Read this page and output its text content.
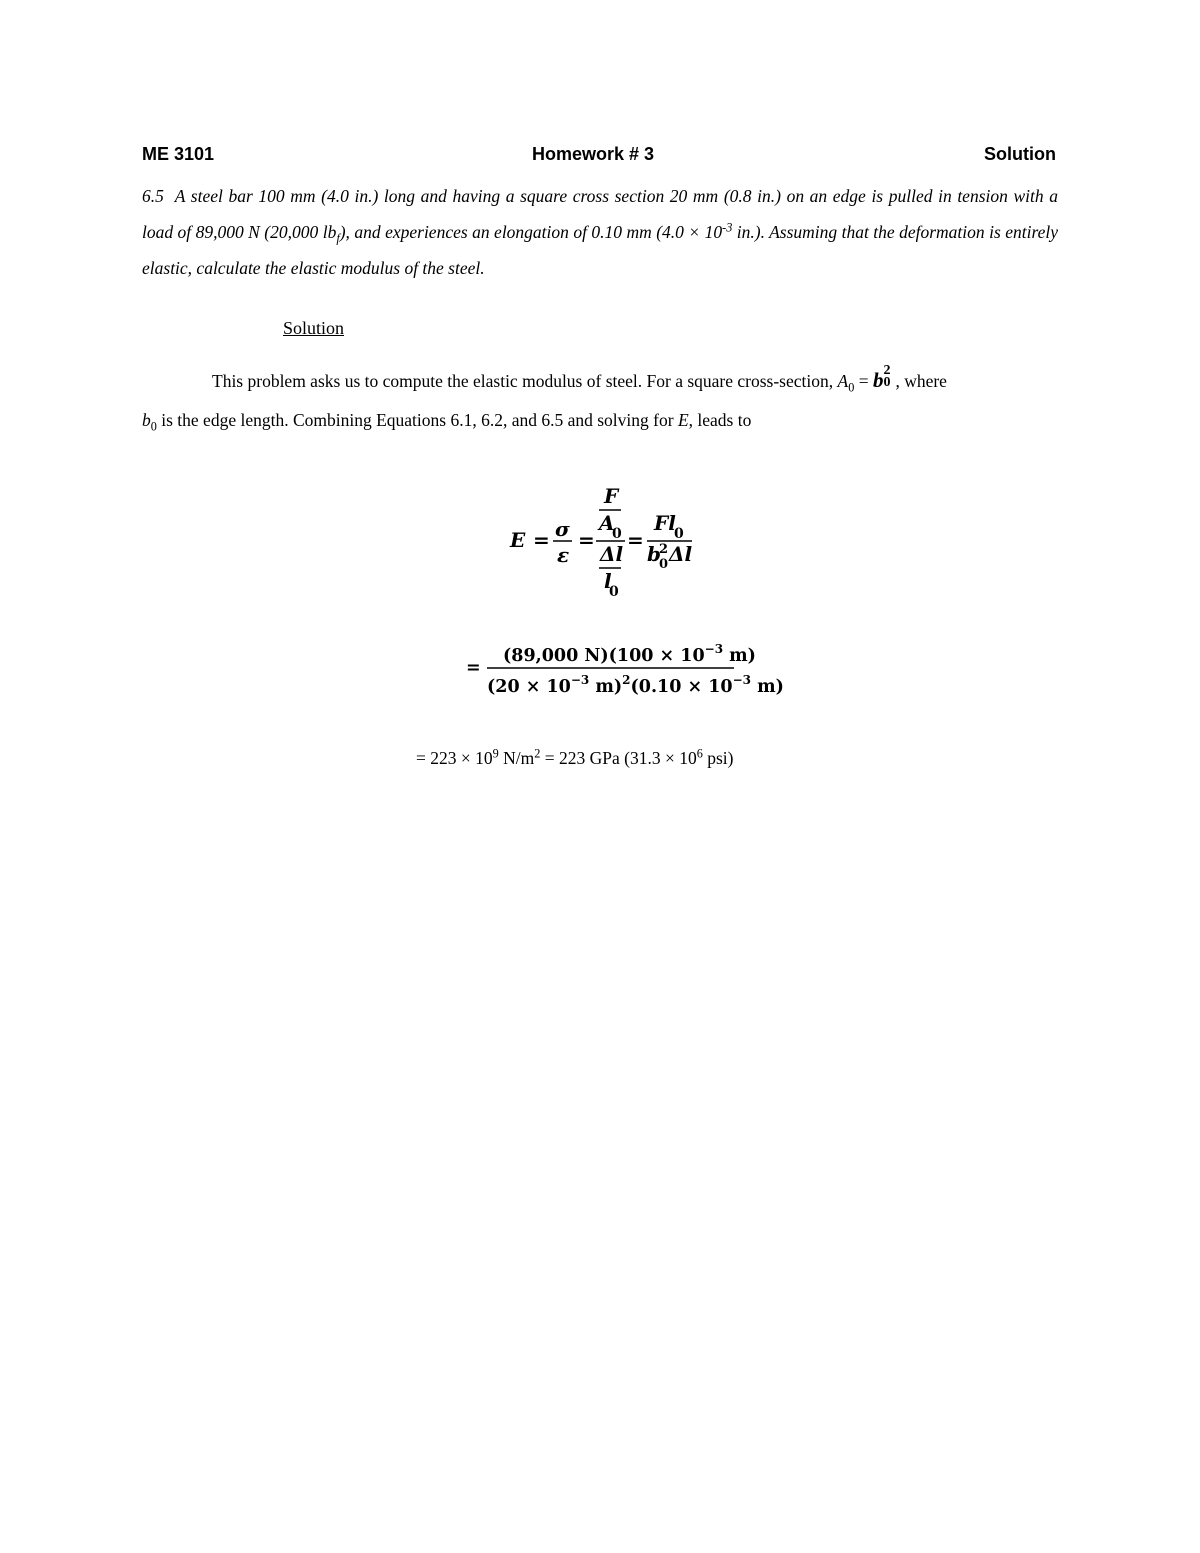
ME 3101	Homework # 3	Solution
6.5 A steel bar 100 mm (4.0 in.) long and having a square cross section 20 mm (0.8 in.) on an edge is pulled in tension with a load of 89,000 N (20,000 $lb_f$), and experiences an elongation of 0.10 mm ($4.0 \times 10^{-3}$ in.). Assuming that the deformation is entirely elastic, calculate the elastic modulus of the steel.
Solution
This problem asks us to compute the elastic modulus of steel. For a square cross-section, $A_0 = b$ 2
0 , where
$b_0$ is the edge length. Combining Equations 6.1, 6.2, and 6.5 and solving for E, leads to
E = σ
ε
=
F
A
0
Δl
l
0
=
Fl
0
b
2
0 Δl
=
(89,000 $N)(100 \times 10^{-3}$ m)
($20 \times 10^{-3}$ $m)^2(0.10 \times 10^{-3}$ m)
= $223 \times 10^9$ $N/m^2 = 223$ GPa ($31.3 \times 10^6$ psi)
